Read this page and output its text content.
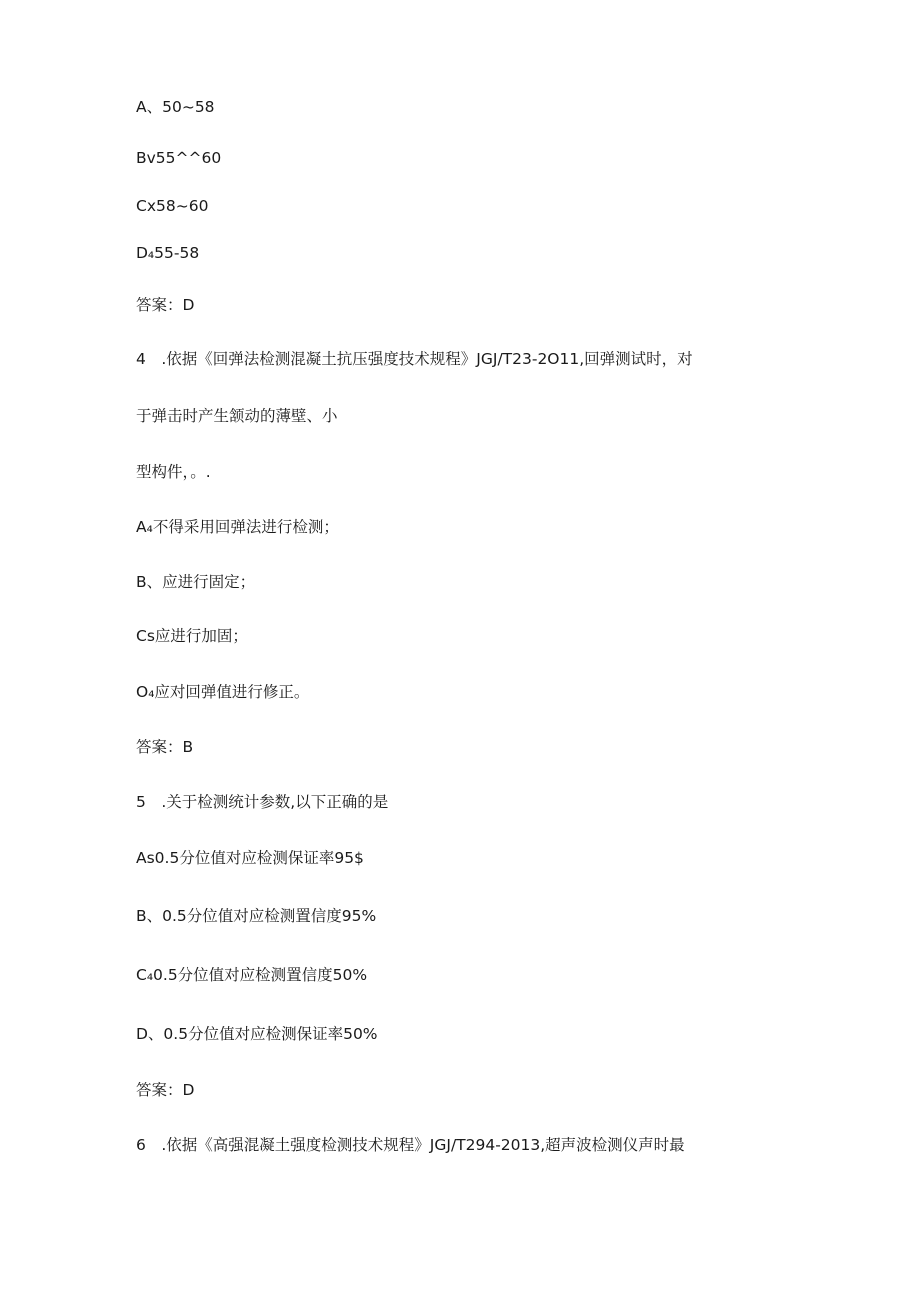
A、50~58
Bv55^^60
Cx58~60
D₄55-58
答案：D
4　.依据《回弹法检测混凝土抗压强度技术规程》JGJ/T23-2O11,回弹测试时，对
于弹击时产生颔动的薄壁、小
型构件，。.
A₄不得采用回弹法进行检测；
B、应进行固定；
Cs应进行加固；
O₄应对回弹值进行修正。
答案：B
5　.关于检测统计参数,以下正确的是
As0.5分位值对应检测保证率95$
B、0.5分位值对应检测置信度95%
C₄0.5分位值对应检测置信度50%
D、0.5分位值对应检测保证率50%
答案：D
6　.依据《高强混凝土强度检测技术规程》JGJ/T294-2013,超声波检测仪声时最
